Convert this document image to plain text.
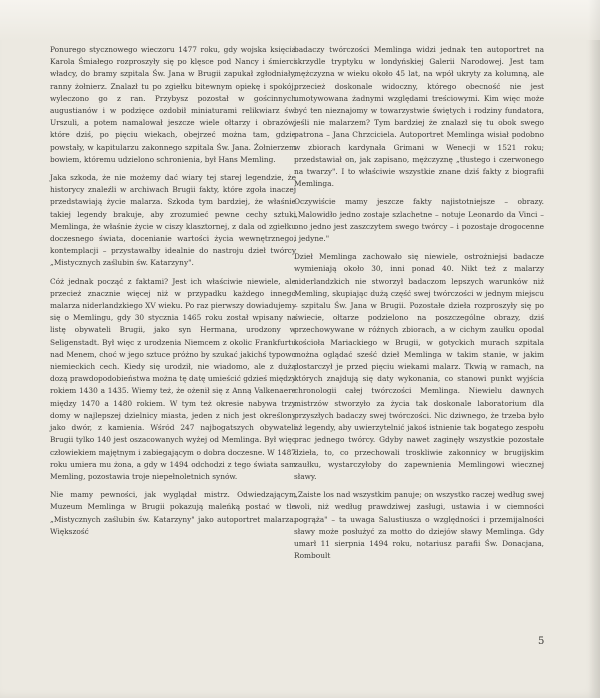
Ponurego stycznowego wieczoru 1477 roku, gdy wojska księcia Karola Śmiałego rozproszyły się po klęsce pod Nancy i śmierci władcy, do bramy szpitala Św. Jana w Brugii zapukał zgłodniały, ranny żołnierz. Znalazł tu po zgiełku bitewnym opiekę i spokój, wyleczono go z ran. Przybysz pozostał w gościnnych augustianów i w podzięce ozdobił miniaturami relikwiarz św. Urszuli, a potem namalował jeszcze wiele ołtarzy i obrazów, które dziś, po pięciu wiekach, obejrzeć można tam, gdzie powstały, w kapitularzu zakonnego szpitala Św. Jana. Żołnierzem bowiem, któremu udzielono schronienia, był Hans Memling.

Jaka szkoda, że nie możemy dać wiary tej starej legendzie, że historycy znaleźli w archiwach Brugii fakty, które zgoła inaczej przedstawiają życie malarza. Szkoda tym bardziej, że właśnie takiej legendy brakuje, aby zrozumieć pewne cechy sztuki Memlinga, że właśnie życie w ciszy klasztornej, z dala od zgiełku doczesnego świata, docenianie wartości życia wewnętrznego, kontemplacji – przystawałby idealnie do nastroju dzieł twórcy „Mistycznych zaślubin św. Katarzyny".

Cóż jednak począć z faktami? Jest ich właściwie niewiele, ale przecież znacznie więcej niż w przypadku każdego innego malarza niderlandzkiego XV wieku. Po raz pierwszy dowiadujemy się o Memlingu, gdy 30 stycznia 1465 roku został wpisany na listę obywateli Brugii, jako syn Hermana, urodzony w Seligenstadt. Był więc z urodzenia Niemcem z okolic Frankfurtu nad Menem, choć w jego sztuce próżno by szukać jakichś typowo niemieckich cech. Kiedy się urodził, nie wiadomo, ale z dużą dozą prawdopodobieństwa można tę datę umieścić gdzieś między rokiem 1430 a 1435. Wiemy też, że ożenił się z Anną Valkenaere między 1470 a 1480 rokiem. W tym też okresie nabywa trzy domy w najlepszej dzielnicy miasta, jeden z nich jest określony jako dwór, z kamienia. Wśród 247 najbogatszych obywateli Brugii tylko 140 jest oszacowanych wyżej od Memlinga. Był więc człowiekiem majętnym i zabiegającym o dobra doczesne. W 1487 roku umiera mu żona, a gdy w 1494 odchodzi z tego świata sam Memling, pozostawia troje niepełnoletnich synów.

Nie mamy pewności, jak wyglądał mistrz. Odwiedzającym Muzeum Memlinga w Brugii pokazują maleńką postać w tle „Mistycznych zaślubin św. Katarzyny" jako autoportret malarza. Większość

badaczy twórczości Memlinga widzi jednak ten autoportret na skrzydle tryptyku w londyńskiej Galerii Narodowej. Jest tam mężczyzna w wieku około 45 lat, na wpół ukryty za kolumną, ale przecież doskonale widoczny, którego obecność nie jest umotywowana żadnymi względami treściowymi. Kim więc może być ten nieznajomy w towarzystwie świętych i rodziny fundatora, jeśli nie malarzem? Tym bardziej że znalazł się tu obok swego patrona – Jana Chrzciciela. Autoportret Memlinga wisiał podobno w zbiorach kardynała Grimani w Wenecji w 1521 roku; przedstawiał on, jak zapisano, mężczyznę „tłustego i czerwonego na twarzy". I to właściwie wszystkie znane dziś fakty z biografii Memlinga.

Oczywiście mamy jeszcze fakty najistotniejsze – obrazy. „Malowidło jedno zostaje szlachetne – notuje Leonardo da Vinci – ono jedno jest zaszczytem swego twórcy – i pozostaje drogocenne i jedyne."

Dzieł Memlinga zachowało się niewiele, ostrożniejsi badacze wymieniają około 30, inni ponad 40. Nikt też z malarzy niderlandzkich nie stworzył badaczom lepszych warunków niż Memling, skupiając dużą część swej twórczości w jednym miejscu – szpitalu Św. Jana w Brugii. Pozostałe dzieła rozproszyły się po świecie, ołtarze podzielono na poszczególne obrazy, dziś przechowywane w różnych zbiorach, a w cichym zaułku opodal kościoła Mariackiego w Brugii, w gotyckich murach szpitala można oglądać sześć dzieł Memlinga w takim stanie, w jakim dostarczył je przed pięciu wiekami malarz. Tkwią w ramach, na których znajdują się daty wykonania, co stanowi punkt wyjścia chronologii całej twórczości Memlinga. Niewielu dawnych mistrzów stworzyło za życia tak doskonale laboratorium dla przyszłych badaczy swej twórczości. Nic dziwnego, że trzeba było aż legendy, aby uwierzytelnić jakoś istnienie tak bogatego zespołu prac jednego twórcy. Gdyby nawet zaginęły wszystkie pozostałe dzieła, to, co przechowali troskliwie zakonnicy w brugijskim zaułku, wystarczyłoby do zapewnienia Memlingowi wiecznej sławy.

„Zaiste los nad wszystkim panuje; on wszystko raczej według swej woli, niż według prawdziwej zasługi, ustawia i w ciemności pogrąża" – ta uwaga Salustiusza o względności i przemijalności sławy może posłużyć za motto do dziejów sławy Memlinga. Gdy umarł 11 sierpnia 1494 roku, notariusz parafii Św. Donacjana, Romboult

5
